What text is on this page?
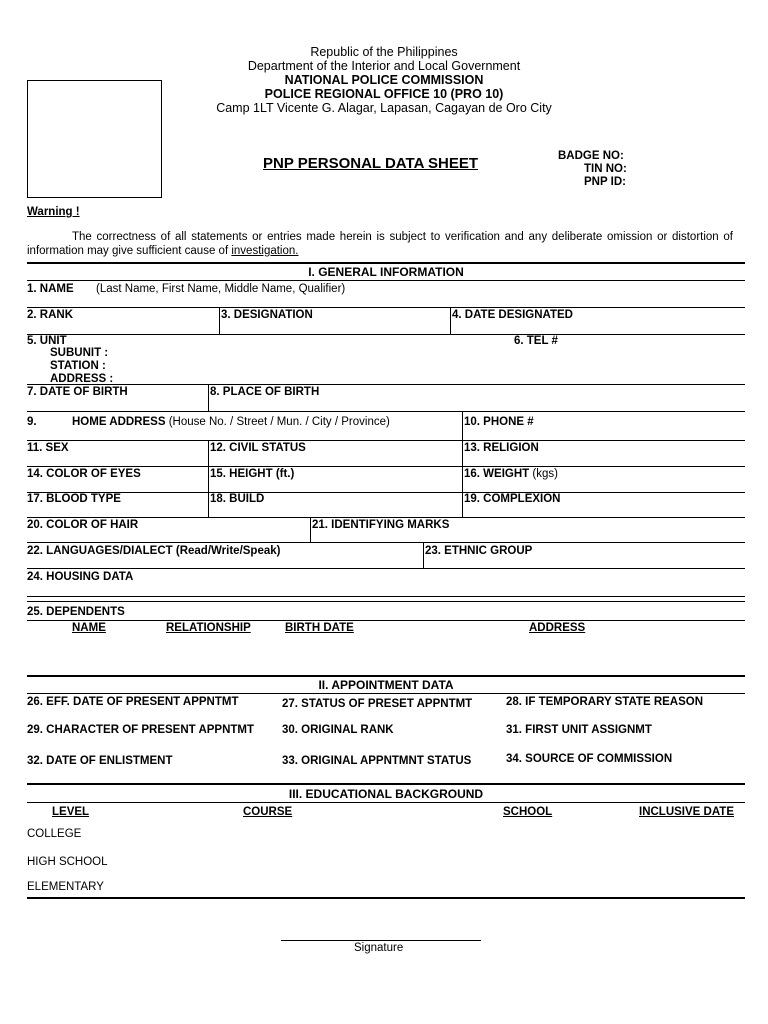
Republic of the Philippines
Department of the Interior and Local Government
NATIONAL POLICE COMMISSION
POLICE REGIONAL OFFICE 10 (PRO 10)
Camp 1LT Vicente G. Alagar, Lapasan, Cagayan de Oro City
PNP PERSONAL DATA SHEET	BADGE NO:
TIN NO:
PNP ID:
Warning !
The correctness of all statements or entries made herein is subject to verification and any deliberate omission or distortion of information may give sufficient cause of investigation.
I. GENERAL INFORMATION
1. NAME (Last Name, First Name, Middle Name, Qualifier)
2. RANK	3. DESIGNATION	4. DATE DESIGNATED
5. UNIT
SUBUNIT :
STATION :
ADDRESS :
6. TEL #
7. DATE OF BIRTH	8. PLACE OF BIRTH
9.	HOME ADDRESS (House No. / Street / Mun. / City / Province)	10. PHONE #
11. SEX	12. CIVIL STATUS	13. RELIGION
14. COLOR OF EYES	15. HEIGHT (ft.)	16. WEIGHT (kgs)
17. BLOOD TYPE	18. BUILD	19. COMPLEXION
20. COLOR OF HAIR	21. IDENTIFYING MARKS
22. LANGUAGES/DIALECT (Read/Write/Speak)	23. ETHNIC GROUP
24. HOUSING DATA
25. DEPENDENTS
NAME	RELATIONSHIP	BIRTH DATE	ADDRESS
II. APPOINTMENT DATA
26. EFF. DATE OF PRESENT APPNTMT	27. STATUS OF PRESET APPNTMT	28. IF TEMPORARY STATE REASON
29. CHARACTER OF PRESENT APPNTMT 30. ORIGINAL RANK	31. FIRST UNIT ASSIGNMT
32. DATE OF ENLISTMENT	33. ORIGINAL APPNTMNT STATUS	34. SOURCE OF COMMISSION
III. EDUCATIONAL BACKGROUND
LEVEL	COURSE	SCHOOL	INCLUSIVE DATE
COLLEGE
HIGH SCHOOL
ELEMENTARY
Signature
